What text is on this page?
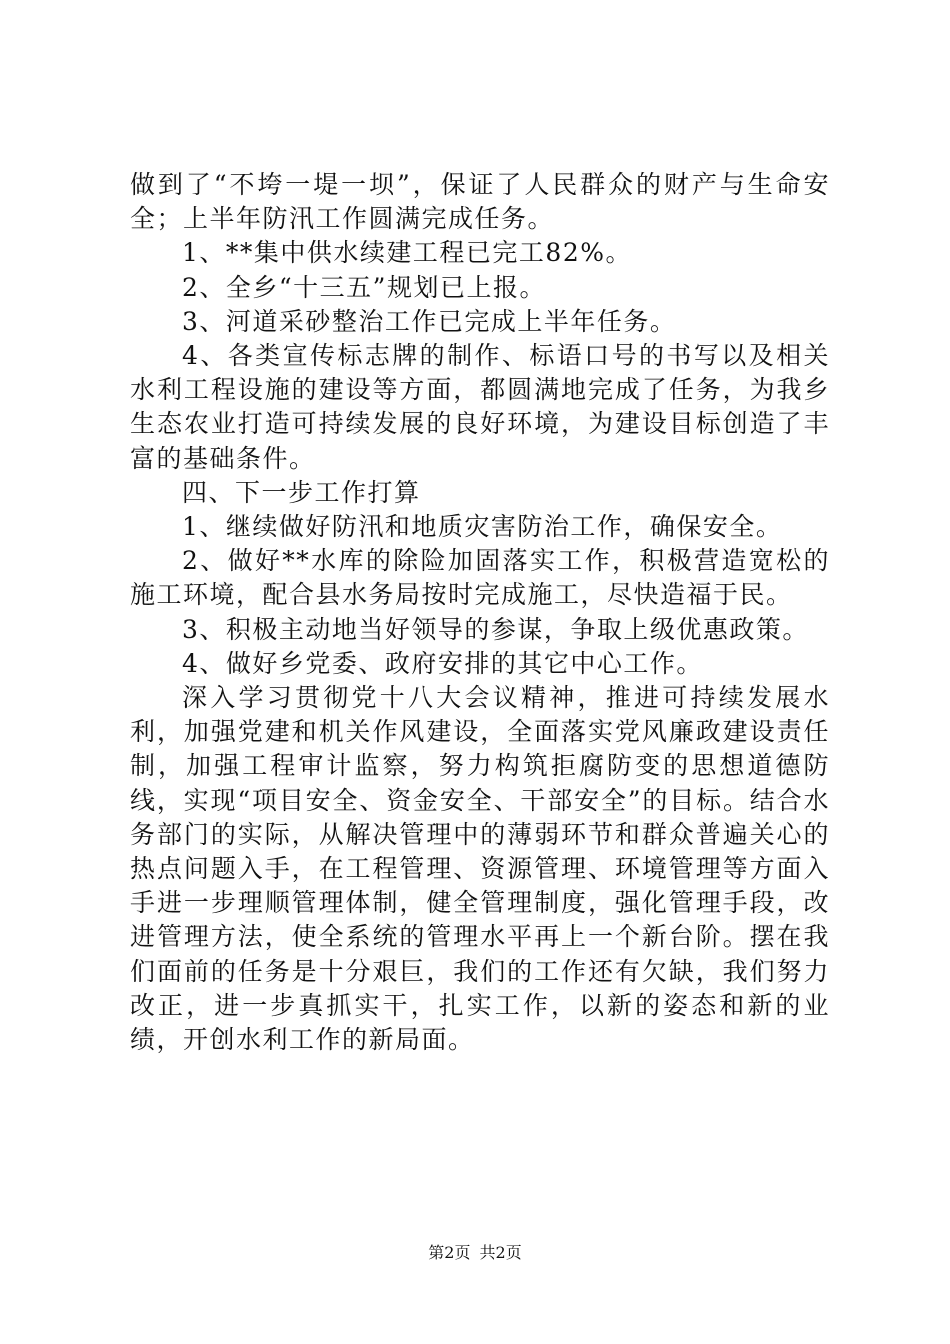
做到了“不垮一堤一坝”，保证了人民群众的财产与生命安全；上半年防汛工作圆满完成任务。

1、**集中供水续建工程已完工82%。

2、全乡“十三五”规划已上报。

3、河道采砂整治工作已完成上半年任务。

4、各类宣传标志牌的制作、标语口号的书写以及相关水利工程设施的建设等方面，都圆满地完成了任务，为我乡生态农业打造可持续发展的良好环境，为建设目标创造了丰富的基础条件。

四、下一步工作打算

1、继续做好防汛和地质灾害防治工作，确保安全。

2、做好**水库的除险加固落实工作，积极营造宽松的施工环境，配合县水务局按时完成施工，尽快造福于民。

3、积极主动地当好领导的参谋，争取上级优惠政策。

4、做好乡党委、政府安排的其它中心工作。

深入学习贯彻党十八大会议精神，推进可持续发展水利，加强党建和机关作风建设，全面落实党风廉政建设责任制，加强工程审计监察，努力构筑拒腐防变的思想道德防线，实现“项目安全、资金安全、干部安全”的目标。结合水务部门的实际，从解决管理中的薄弱环节和群众普遍关心的热点问题入手，在工程管理、资源管理、环境管理等方面入手进一步理顺管理体制，健全管理制度，强化管理手段，改进管理方法，使全系统的管理水平再上一个新台阶。摆在我们面前的任务是十分艰巨，我们的工作还有欠缺，我们努力改正，进一步真抓实干，扎实工作，以新的姿态和新的业绩，开创水利工作的新局面。

第2页 共2页
